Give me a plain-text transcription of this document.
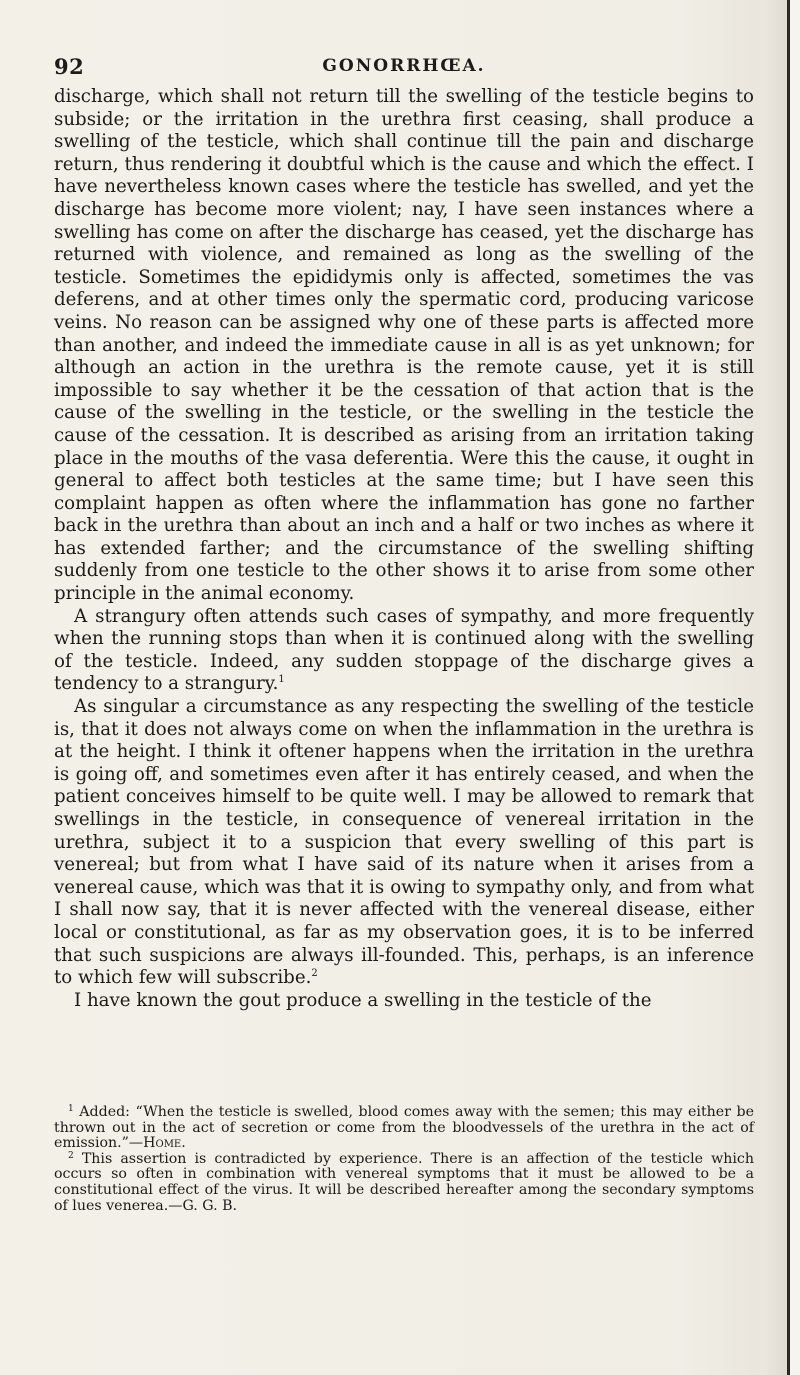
92	GONORRHŒA.

discharge, which shall not return till the swelling of the testicle begins to subside; or the irritation in the urethra first ceasing, shall produce a swelling of the testicle, which shall continue till the pain and discharge return, thus rendering it doubtful which is the cause and which the effect. I have nevertheless known cases where the testicle has swelled, and yet the discharge has become more violent; nay, I have seen instances where a swelling has come on after the discharge has ceased, yet the discharge has returned with violence, and remained as long as the swelling of the testicle. Sometimes the epididymis only is affected, sometimes the vas deferens, and at other times only the spermatic cord, producing varicose veins. No reason can be assigned why one of these parts is affected more than another, and indeed the immediate cause in all is as yet unknown; for although an action in the urethra is the remote cause, yet it is still impossible to say whether it be the cessation of that action that is the cause of the swelling in the testicle, or the swelling in the testicle the cause of the cessation. It is described as arising from an irritation taking place in the mouths of the vasa deferentia. Were this the cause, it ought in general to affect both testicles at the same time; but I have seen this complaint happen as often where the inflammation has gone no farther back in the urethra than about an inch and a half or two inches as where it has extended farther; and the circumstance of the swelling shifting suddenly from one testicle to the other shows it to arise from some other principle in the animal economy.

A strangury often attends such cases of sympathy, and more frequently when the running stops than when it is continued along with the swelling of the testicle. Indeed, any sudden stoppage of the discharge gives a tendency to a strangury.$^1$

As singular a circumstance as any respecting the swelling of the testicle is, that it does not always come on when the inflammation in the urethra is at the height. I think it oftener happens when the irritation in the urethra is going off, and sometimes even after it has entirely ceased, and when the patient conceives himself to be quite well. I may be allowed to remark that swellings in the testicle, in consequence of venereal irritation in the urethra, subject it to a suspicion that every swelling of this part is venereal; but from what I have said of its nature when it arises from a venereal cause, which was that it is owing to sympathy only, and from what I shall now say, that it is never affected with the venereal disease, either local or constitutional, as far as my observation goes, it is to be inferred that such suspicions are always ill-founded. This, perhaps, is an inference to which few will subscribe.$^2$

I have known the gout produce a swelling in the testicle of the

$^1$ Added: “When the testicle is swelled, blood comes away with the semen; this may either be thrown out in the act of secretion or come from the bloodvessels of the urethra in the act of emission.”—Home.

$^2$ This assertion is contradicted by experience. There is an affection of the testicle which occurs so often in combination with venereal symptoms that it must be allowed to be a constitutional effect of the virus. It will be described hereafter among the secondary symptoms of lues venerea.—G. G. B.
